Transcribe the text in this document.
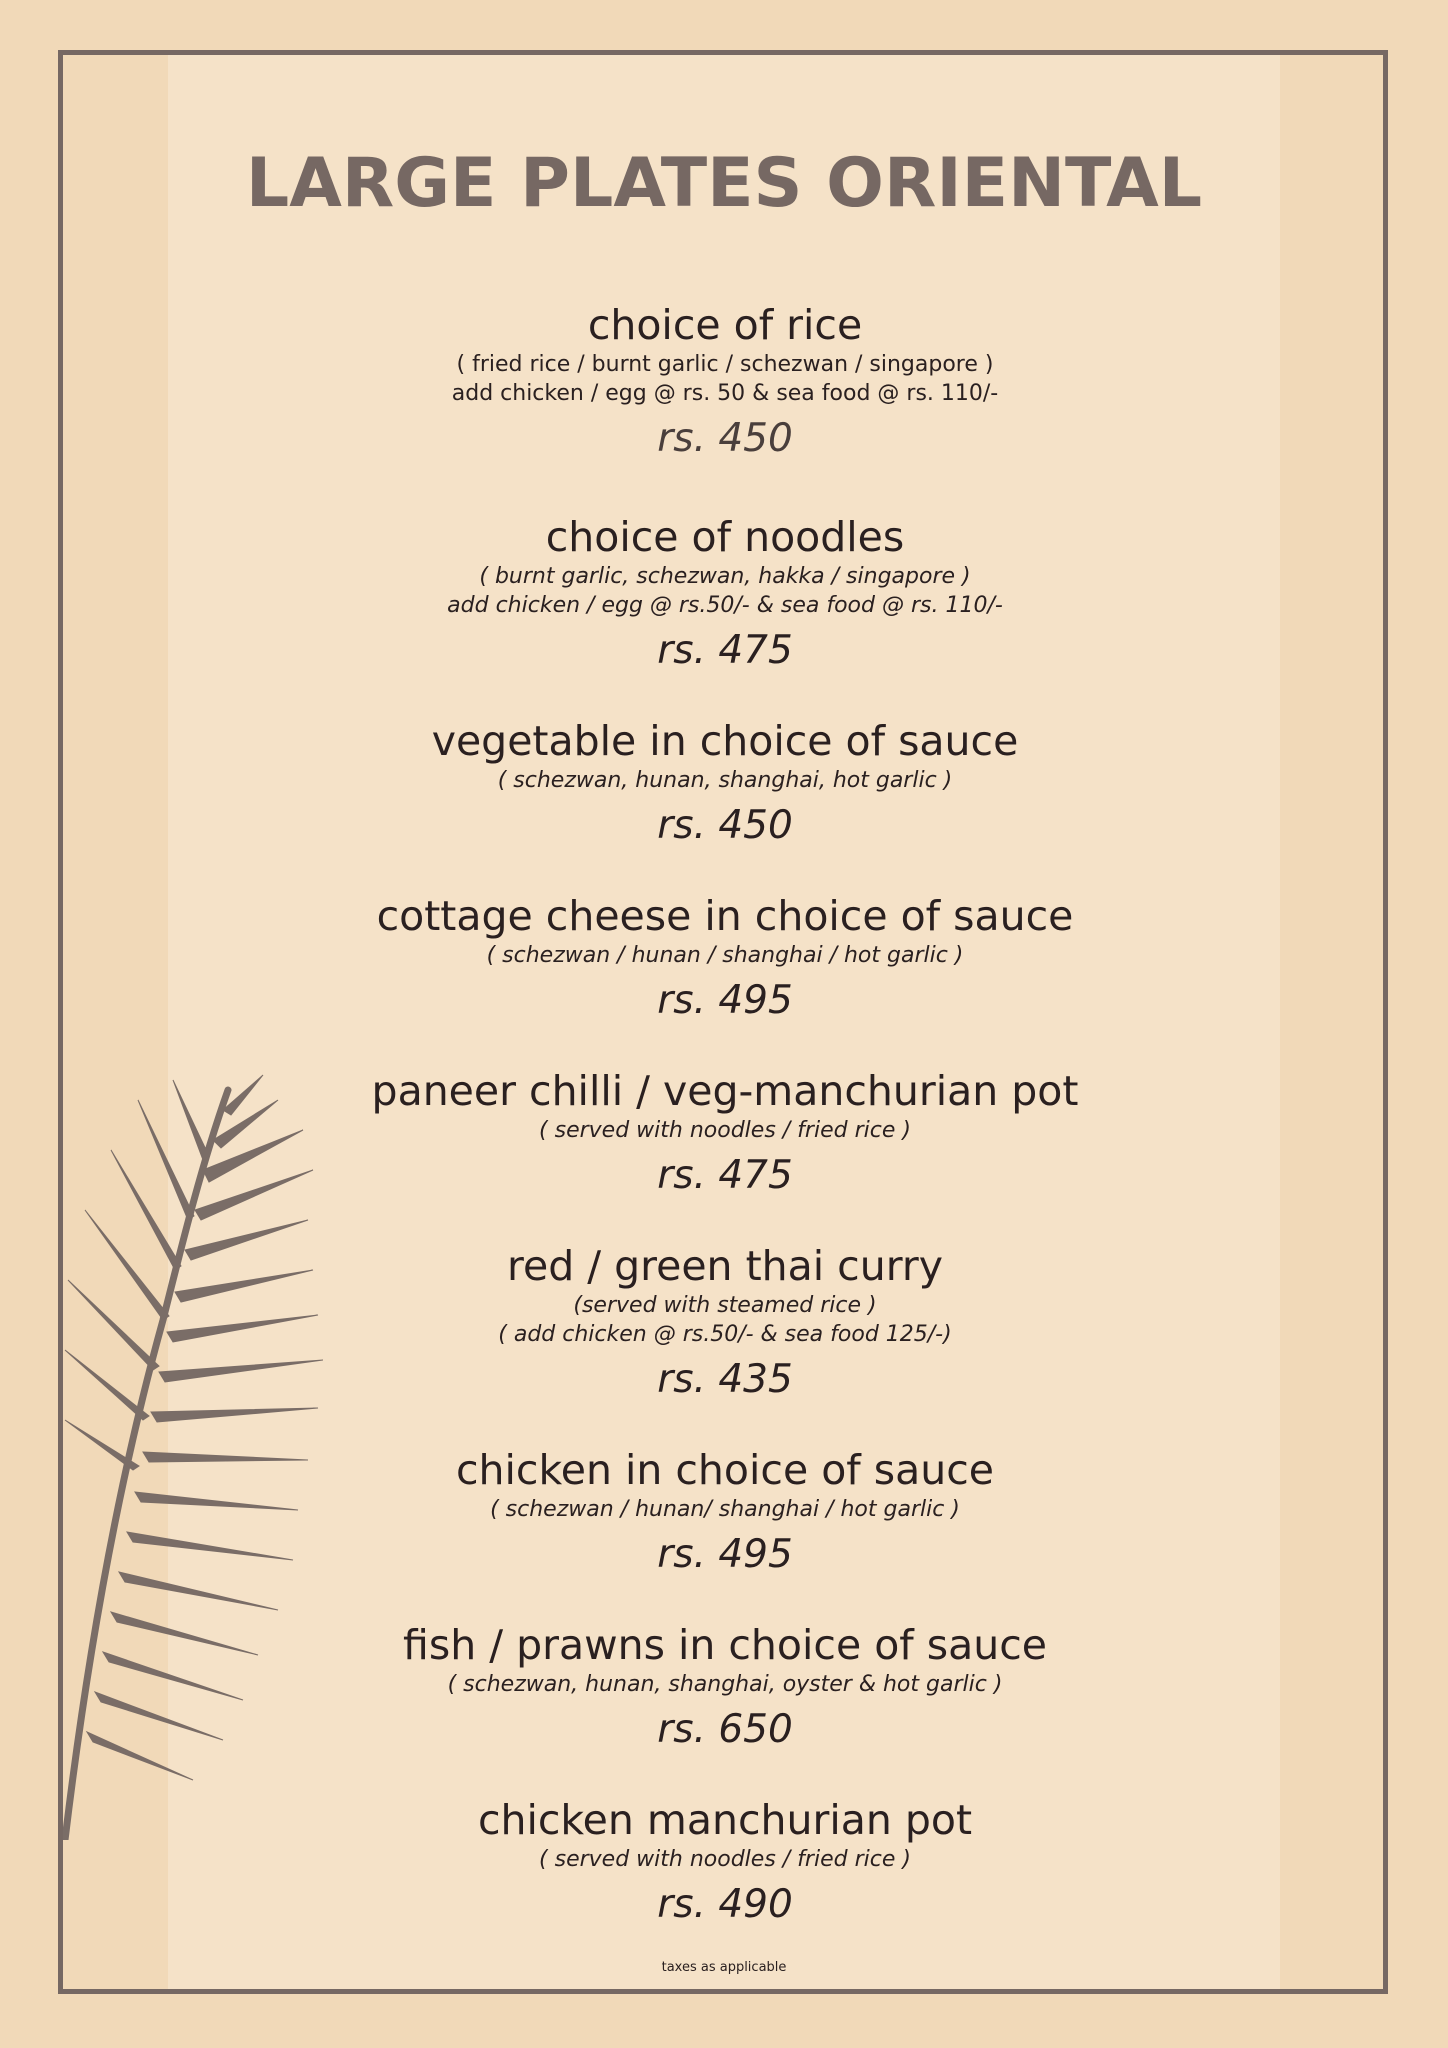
LARGE PLATES ORIENTAL
choice of rice
( fried rice / burnt garlic / schezwan / singapore )
add chicken / egg @ rs. 50 & sea food @ rs. 110/-
rs. 450
choice of noodles
( burnt garlic, schezwan, hakka / singapore )
add chicken / egg @ rs.50/- & sea food @ rs. 110/-
rs. 475
vegetable in choice of sauce
( schezwan, hunan, shanghai, hot garlic )
rs. 450
cottage cheese in choice of sauce
( schezwan / hunan / shanghai / hot garlic )
rs. 495
paneer chilli / veg-manchurian pot
( served with noodles / fried rice )
rs. 475
red / green thai curry
(served with steamed rice )
( add chicken @ rs.50/- & sea food 125/-)
rs. 435
chicken in choice of sauce
( schezwan / hunan/ shanghai / hot garlic )
rs. 495
fish / prawns in choice of sauce
( schezwan, hunan, shanghai, oyster & hot garlic )
rs. 650
chicken manchurian pot
( served with noodles / fried rice )
rs. 490
taxes as applicable
